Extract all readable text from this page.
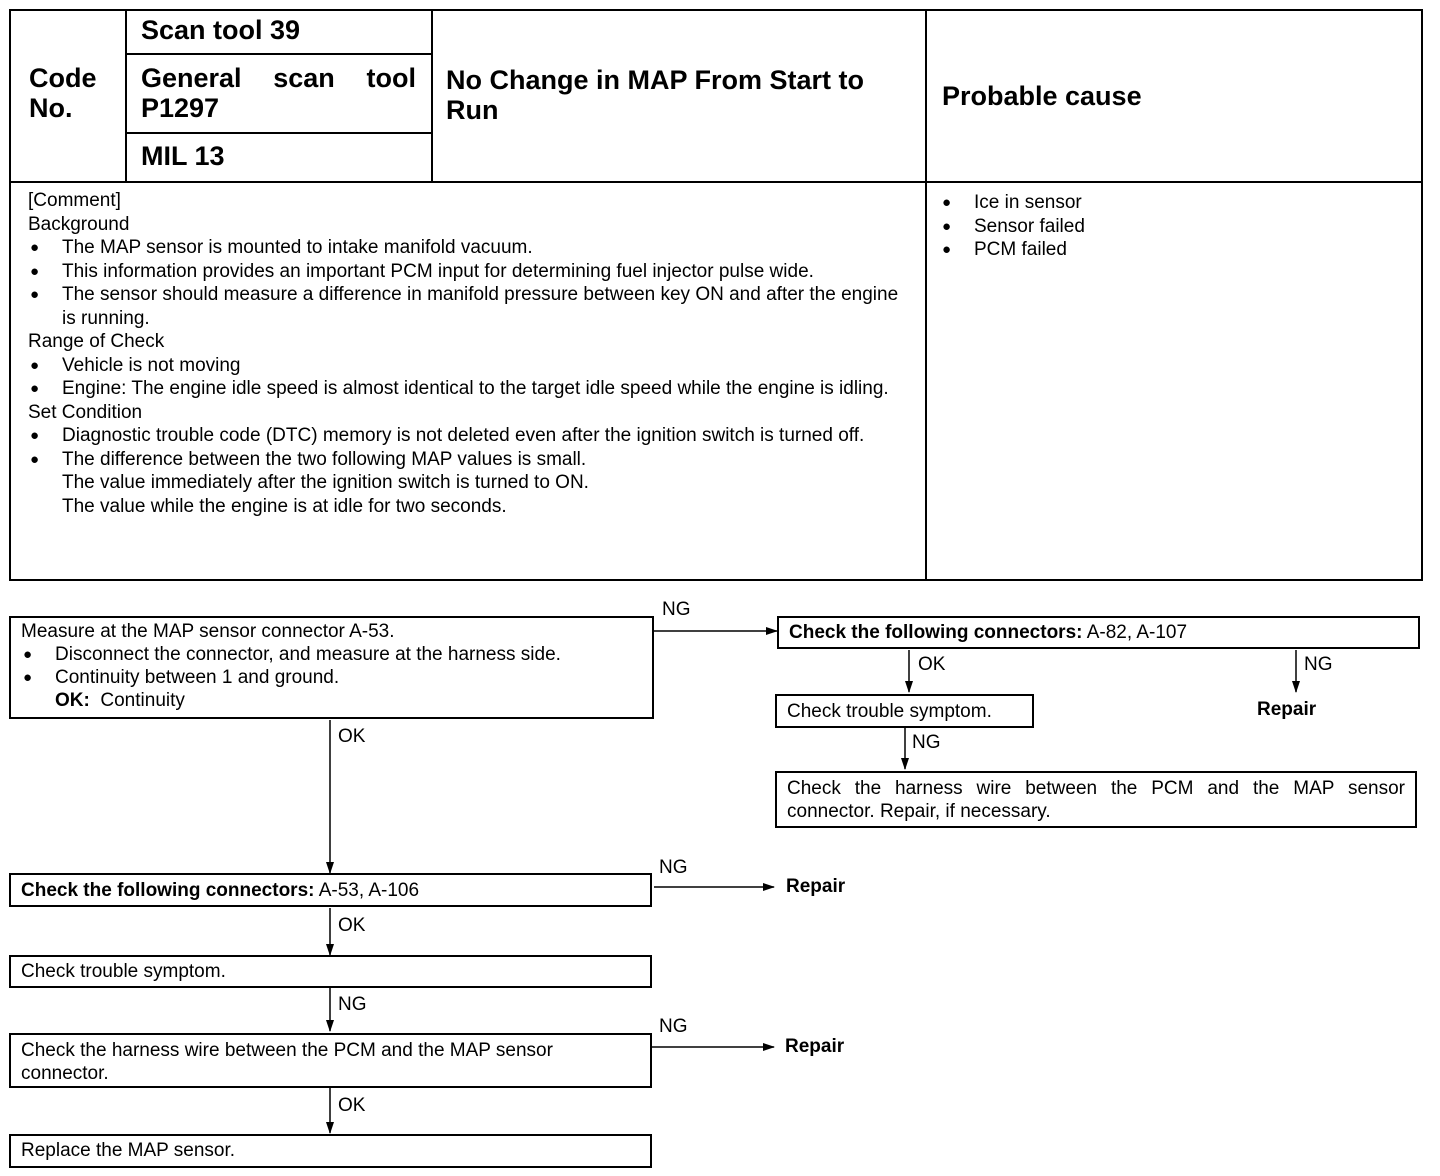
Code No.
Scan tool 39
General scan tool P1297
MIL 13
No Change in MAP From Start to Run	Probable cause
[Comment]
Background
● The MAP sensor is mounted to intake manifold vacuum.
● This information provides an important PCM input for determining fuel injector pulse wide.
● The sensor should measure a difference in manifold pressure between key ON and after the engine is running.
Range of Check
● Vehicle is not moving
● Engine: The engine idle speed is almost identical to the target idle speed while the engine is idling.
Set Condition
● Diagnostic trouble code (DTC) memory is not deleted even after the ignition switch is turned off.
● The difference between the two following MAP values is small.
The value immediately after the ignition switch is turned to ON.
The value while the engine is at idle for two seconds.
● Ice in sensor
● Sensor failed
● PCM failed
Measure at the MAP sensor connector A-53.
● Disconnect the connector, and measure at the harness side.
● Continuity between 1 and ground.
OK: Continuity
Check the following connectors: A-82, A-107
Check trouble symptom.
Check the harness wire between the PCM and the MAP sensor connector. Repair, if necessary.
Check the following connectors: A-53, A-106
Check trouble symptom.
Check the harness wire between the PCM and the MAP sensor connector.
Replace the MAP sensor.
NG
OK	NG
Repair
NG
OK
NG
Repair
OK
NG
NG
Repair
OK
